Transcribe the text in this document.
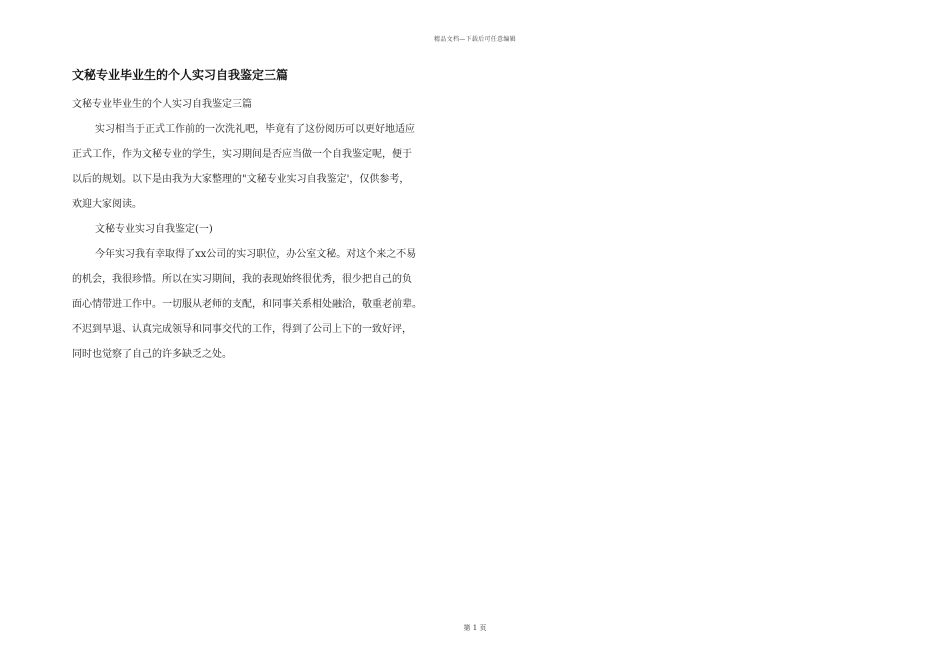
精品文档—下载后可任意编辑
文秘专业毕业生的个人实习自我鉴定三篇

文秘专业毕业生的个人实习自我鉴定三篇

实习相当于正式工作前的一次洗礼吧，毕竟有了这份阅历可以更好地适应

正式工作，作为文秘专业的学生，实习期间是否应当做一个自我鉴定呢，便于

以后的规划。以下是由我为大家整理的"文秘专业实习自我鉴定'，仅供参考，

欢迎大家阅读。

文秘专业实习自我鉴定(一)

今年实习我有幸取得了xx公司的实习职位，办公室文秘。对这个来之不易

的机会，我很珍惜。所以在实习期间，我的表现始终很优秀，很少把自己的负

面心情带进工作中。一切服从老师的支配，和同事关系相处融洽，敬重老前辈。

不迟到早退、认真完成领导和同事交代的工作，得到了公司上下的一致好评，

同时也觉察了自己的许多缺乏之处。

第 1 页
